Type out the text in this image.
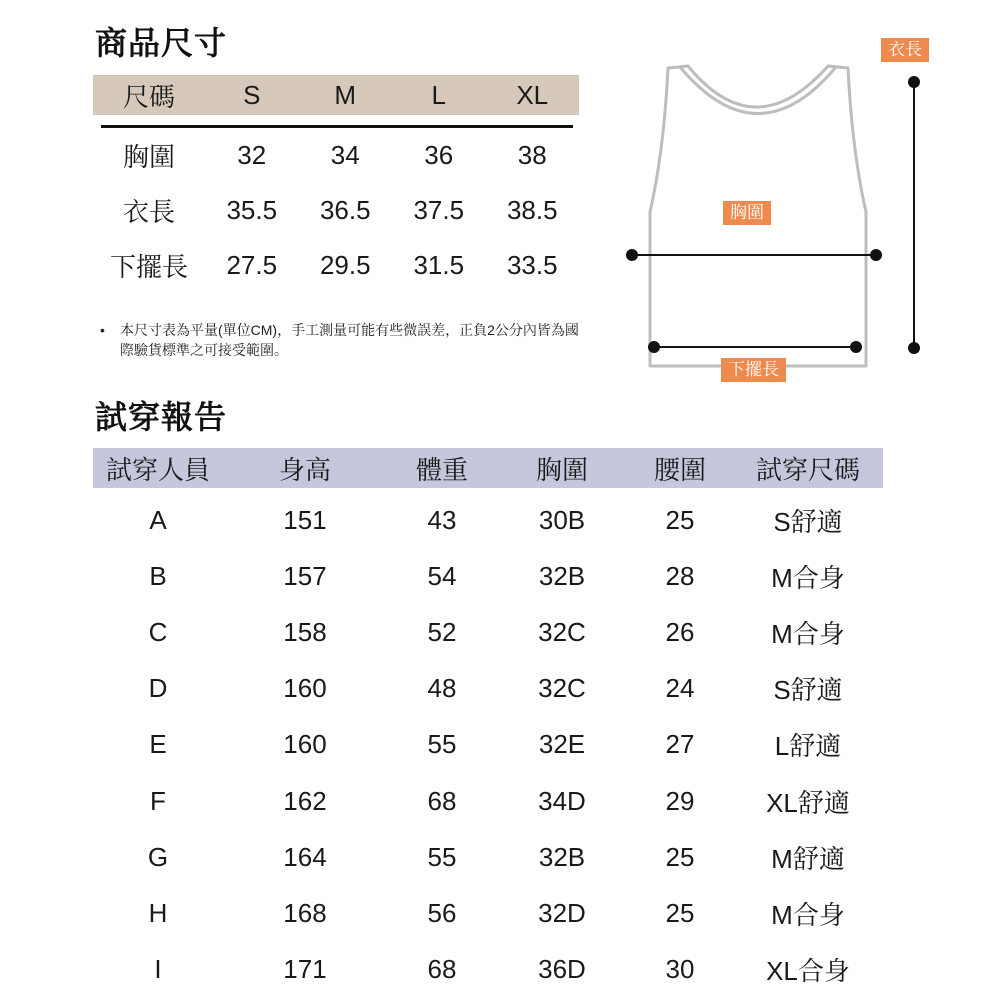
商品尺寸
尺碼	S	M	L	XL
胸圍	32	34	36	38
衣長	35.5	36.5	37.5	38.5
下擺長	27.5	29.5	31.5	33.5
•	本尺寸表為平量(單位CM)，手工測量可能有些微誤差，正負2公分內皆為國際驗貨標準之可接受範圍。
衣長
胸圍
下擺長
試穿報告
試穿人員	身高	體重	胸圍	腰圍	試穿尺碼
A	151	43	30B	25	S舒適
B	157	54	32B	28	M合身
C	158	52	32C	26	M合身
D	160	48	32C	24	S舒適
E	160	55	32E	27	L舒適
F	162	68	34D	29	XL舒適
G	164	55	32B	25	M舒適
H	168	56	32D	25	M合身
I	171	68	36D	30	XL合身
